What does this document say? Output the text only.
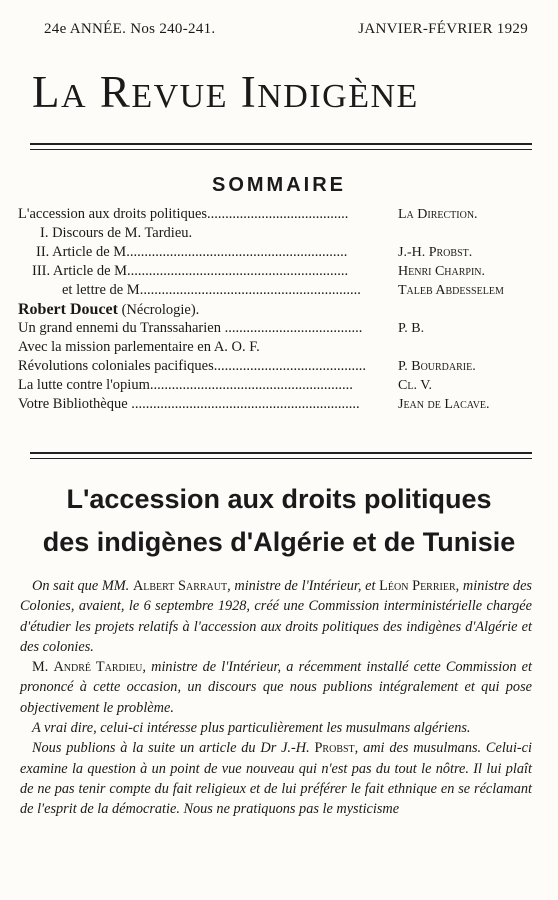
24e ANNÉE. Nos 240-241.	JANVIER-FÉVRIER 1929
LA REVUE INDIGÈNE
SOMMAIRE
L'accession aux droits politiques.......................................	La Direction.
I. Discours de M. Tardieu.
II. Article de M.............................................................	J.-H. Probst.
III. Article de M.............................................................	Henri Charpin.
et lettre de M.............................................................	Taleb Abdesselem
Robert Doucet (Nécrologie).
Un grand ennemi du Transsaharien ......................................	P. B.
Avec la mission parlementaire en A. O. F.
Révolutions coloniales pacifiques..........................................	P. Bourdarie.
La lutte contre l'opium........................................................	Cl. V.
Votre Bibliothèque ...............................................................	Jean de Lacave.
L'accession aux droits politiques
des indigènes d'Algérie et de Tunisie

On sait que MM. Albert Sarraut, ministre de l'Intérieur, et Léon Perrier, ministre des Colonies, avaient, le 6 septembre 1928, créé une Commission interministérielle chargée d'étudier les projets relatifs à l'accession aux droits politiques des indigènes d'Algérie et des colonies.

M. André Tardieu, ministre de l'Intérieur, a récemment installé cette Commission et prononcé à cette occasion, un discours que nous publions intégralement et qui pose objectivement le problème.

A vrai dire, celui-ci intéresse plus particulièrement les musulmans algériens.

Nous publions à la suite un article du Dr J.-H. Probst, ami des musulmans. Celui-ci examine la question à un point de vue nouveau qui n'est pas du tout le nôtre. Il lui plaît de ne pas tenir compte du fait religieux et de lui préférer le fait ethnique en se réclamant de l'esprit de la démocratie. Nous ne pratiquons pas le mysticisme
